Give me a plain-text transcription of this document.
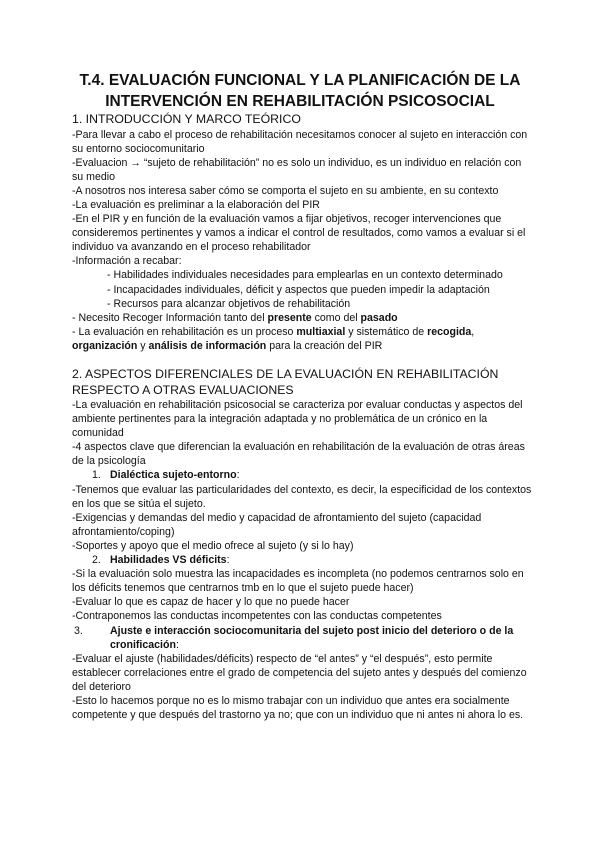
T.4. EVALUACIÓN FUNCIONAL Y LA PLANIFICACIÓN DE LA
INTERVENCIÓN EN REHABILITACIÓN PSICOSOCIAL

1. INTRODUCCIÓN Y MARCO TEÓRICO

-Para llevar a cabo el proceso de rehabilitación necesitamos conocer al sujeto en interacción con su entorno sociocomunitario

-Evaluacion → “sujeto de rehabilitación” no es solo un individuo, es un individuo en relación con su medio

-A nosotros nos interesa saber cómo se comporta el sujeto en su ambiente, en su contexto

-La evaluación es preliminar a la elaboración del PIR

-En el PIR y en función de la evaluación vamos a fijar objetivos, recoger intervenciones que consideremos pertinentes y vamos a indicar el control de resultados, como vamos a evaluar si el individuo va avanzando en el proceso rehabilitador

-Información a recabar:

- Habilidades individuales necesidades para emplearlas en un contexto determinado

- Incapacidades individuales, déficit y aspectos que pueden impedir la adaptación

- Recursos para alcanzar objetivos de rehabilitación

- Necesito Recoger Información tanto del presente como del pasado

- La evaluación en rehabilitación es un proceso multiaxial y sistemático de recogida, organización y análisis de información para la creación del PIR

2. ASPECTOS DIFERENCIALES DE LA EVALUACIÓN EN REHABILITACIÓN RESPECTO A OTRAS EVALUACIONES

-La evaluación en rehabilitación psicosocial se caracteriza por evaluar conductas y aspectos del ambiente pertinentes para la integración adaptada y no problemática de un crónico en la comunidad

-4 aspectos clave que diferencian la evaluación en rehabilitación de la evaluación de otras áreas de la psicología

1. Dialéctica sujeto-entorno:

-Tenemos que evaluar las particularidades del contexto, es decir, la especificidad de los contextos en los que se sitúa el sujeto.

-Exigencias y demandas del medio y capacidad de afrontamiento del sujeto (capacidad afrontamiento/coping)

-Soportes y apoyo que el medio ofrece al sujeto (y si lo hay)

2. Habilidades VS déficits:

-Si la evaluación solo muestra las incapacidades es incompleta (no podemos centrarnos solo en los déficits tenemos que centrarnos tmb en lo que el sujeto puede hacer)

-Evaluar lo que es capaz de hacer y lo que no puede hacer

-Contraponemos las conductas incompetentes con las conductas competentes

3.	Ajuste e interacción sociocomunitaria del sujeto post inicio del deterioro o de la cronificación:

-Evaluar el ajuste (habilidades/déficits) respecto de “el antes” y “el después”, esto permite establecer correlaciones entre el grado de competencia del sujeto antes y después del comienzo del deterioro

-Esto lo hacemos porque no es lo mismo trabajar con un individuo que antes era socialmente competente y que después del trastorno ya no; que con un individuo que ni antes ni ahora lo es.
